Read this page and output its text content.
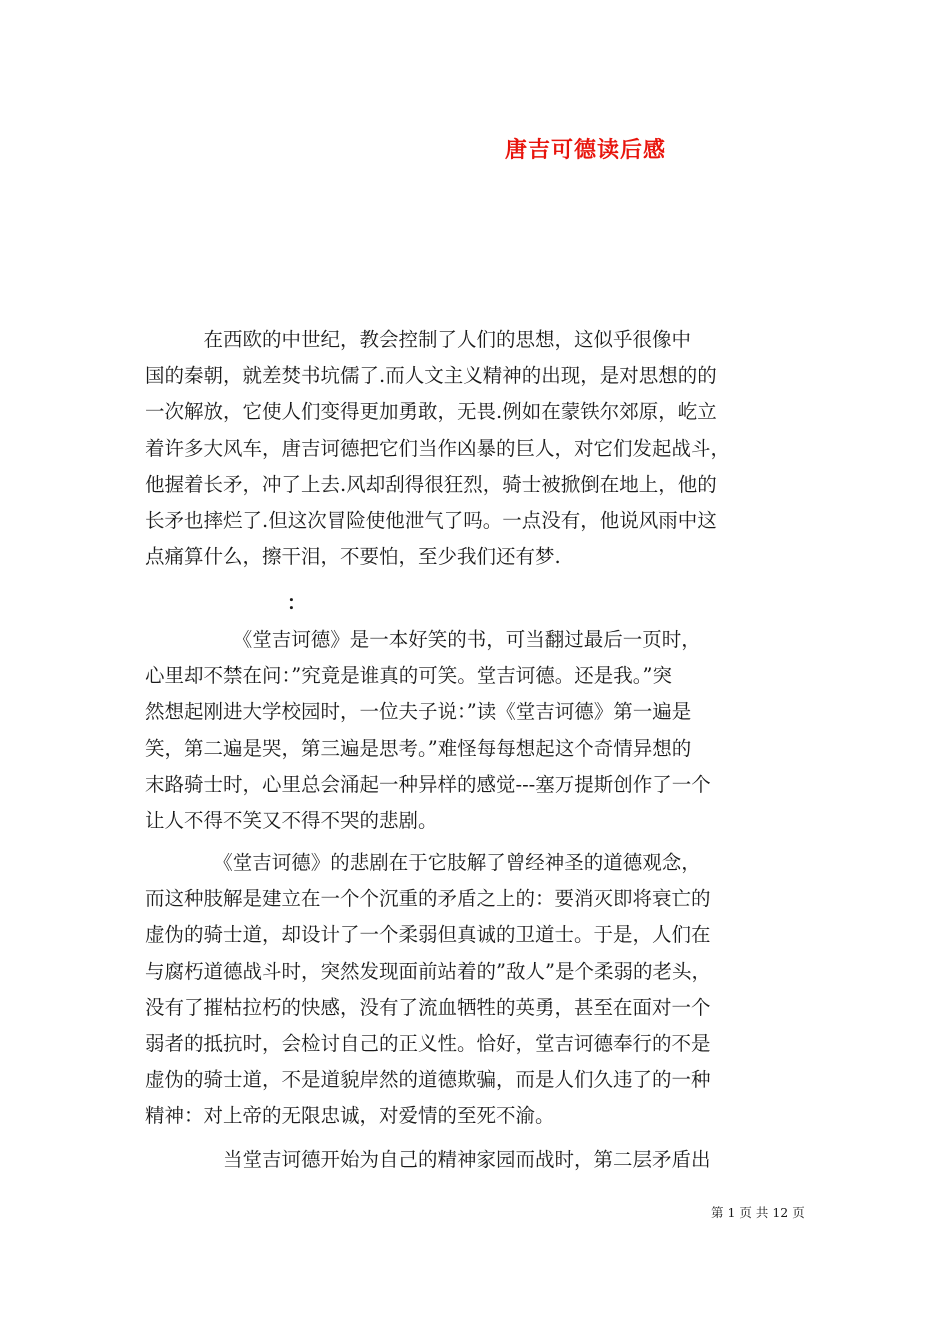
唐吉可德读后感
　　　在西欧的中世纪，教会控制了人们的思想，这似乎很像中
国的秦朝，就差焚书坑儒了.而人文主义精神的出现，是对思想的的
一次解放，它使人们变得更加勇敢，无畏.例如在蒙铁尔郊原，屹立
着许多大风车，唐吉诃德把它们当作凶暴的巨人，对它们发起战斗，
他握着长矛，冲了上去.风却刮得很狂烈，骑士被掀倒在地上，他的
长矛也摔烂了.但这次冒险使他泄气了吗。一点没有，他说风雨中这
点痛算什么，擦干泪，不要怕，至少我们还有梦.
：
　　　　　《堂吉诃德》是一本好笑的书，可当翻过最后一页时，
心里却不禁在问：”究竟是谁真的可笑。堂吉诃德。还是我。”突
然想起刚进大学校园时，一位夫子说：”读《堂吉诃德》第一遍是
笑，第二遍是哭，第三遍是思考。”难怪每每想起这个奇情异想的
末路骑士时，心里总会涌起一种异样的感觉---塞万提斯创作了一个
让人不得不笑又不得不哭的悲剧。
　　　　《堂吉诃德》的悲剧在于它肢解了曾经神圣的道德观念，
而这种肢解是建立在一个个沉重的矛盾之上的：要消灭即将衰亡的
虚伪的骑士道，却设计了一个柔弱但真诚的卫道士。于是，人们在
与腐朽道德战斗时，突然发现面前站着的”敌人”是个柔弱的老头，
没有了摧枯拉朽的快感，没有了流血牺牲的英勇，甚至在面对一个
弱者的抵抗时，会检讨自己的正义性。恰好，堂吉诃德奉行的不是
虚伪的骑士道，不是道貌岸然的道德欺骗，而是人们久违了的一种
精神：对上帝的无限忠诚，对爱情的至死不渝。
　　　　当堂吉诃德开始为自己的精神家园而战时，第二层矛盾出
第 1 页 共 12 页
